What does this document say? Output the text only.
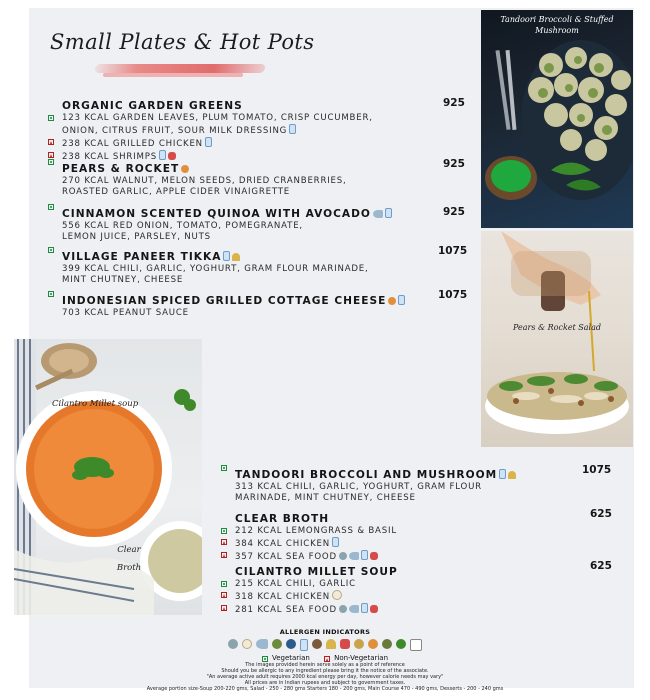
Small Plates & Hot Pots
Tandoori Broccoli & Stuffed Mushroom
Pears & Rocket Salad
Cilantro Millet soup
Clear Broth
ORGANIC GARDEN GREENS
123 KCAL GARDEN LEAVES, PLUM TOMATO, CRISP CUCUMBER,
ONION, CITRUS FRUIT, SOUR MILK DRESSING
238 KCAL GRILLED CHICKEN
238 KCAL SHRIMPS
925
PEARS & ROCKET
270 KCAL WALNUT, MELON SEEDS, DRIED CRANBERRIES,
ROASTED GARLIC, APPLE CIDER VINAIGRETTE
925
CINNAMON SCENTED QUINOA WITH AVOCADO
556 KCAL RED ONION, TOMATO, POMEGRANATE,
LEMON JUICE, PARSLEY, NUTS
925
VILLAGE PANEER TIKKA
399 KCAL CHILI, GARLIC, YOGHURT, GRAM FLOUR MARINADE,
MINT CHUTNEY, CHEESE
1075
INDONESIAN SPICED GRILLED COTTAGE CHEESE
703 KCAL PEANUT SAUCE
1075
TANDOORI BROCCOLI AND MUSHROOM
313 KCAL CHILI, GARLIC, YOGHURT, GRAM FLOUR
MARINADE, MINT CHUTNEY, CHEESE
1075
CLEAR BROTH
212 KCAL LEMONGRASS & BASIL
384 KCAL CHICKEN
357 KCAL SEA FOOD
625
CILANTRO MILLET SOUP
215 KCAL CHILI, GARLIC
318 KCAL CHICKEN
281 KCAL SEA FOOD
625
ALLERGEN INDICATORS
Vegetarian	Non-Vegetarian
The images provided herein serve solely as a point of reference
Should you be allergic to any ingredient please bring it the notice of the associate.
"An average active adult requires 2000 kcal energy per day, however calorie needs may vary"
All prices are in Indian rupees and subject to government taxes.
Average portion size-Soup 200-220 gms, Salad - 250 - 280 gms Starters 180 - 200 gms, Main Course 470 - 490 gms, Desserts - 200 - 240 gms
